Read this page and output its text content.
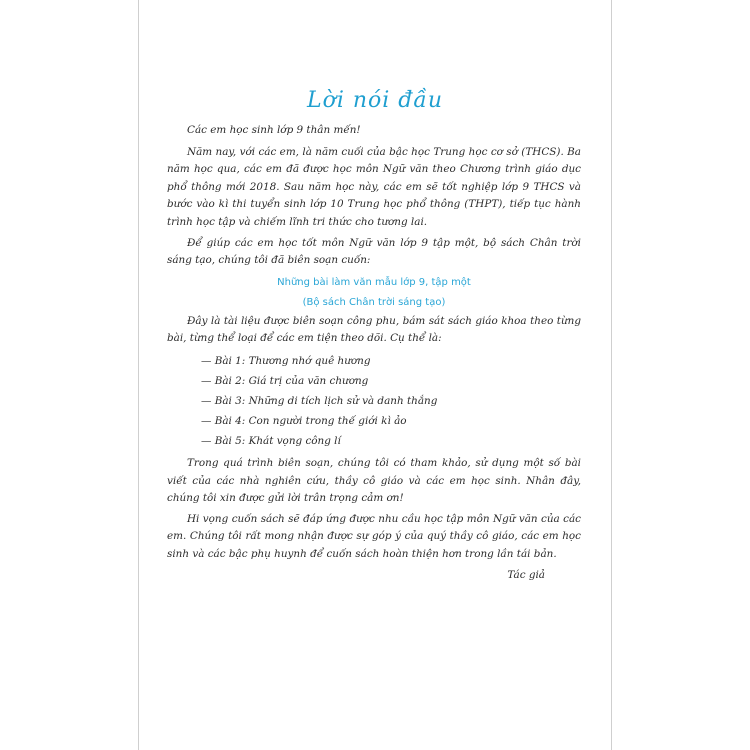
Lời nói đầu

Các em học sinh lớp 9 thân mến!

Năm nay, với các em, là năm cuối của bậc học Trung học cơ sở (THCS). Ba năm học qua, các em đã được học môn Ngữ văn theo Chương trình giáo dục phổ thông mới 2018. Sau năm học này, các em sẽ tốt nghiệp lớp 9 THCS và bước vào kì thi tuyển sinh lớp 10 Trung học phổ thông (THPT), tiếp tục hành trình học tập và chiếm lĩnh tri thức cho tương lai.

Để giúp các em học tốt môn Ngữ văn lớp 9 tập một, bộ sách Chân trời sáng tạo, chúng tôi đã biên soạn cuốn:

Những bài làm văn mẫu lớp 9, tập một

(Bộ sách Chân trời sáng tạo)

Đây là tài liệu được biên soạn công phu, bám sát sách giáo khoa theo từng bài, từng thể loại để các em tiện theo dõi. Cụ thể là:

— Bài 1: Thương nhớ quê hương
— Bài 2: Giá trị của văn chương
— Bài 3: Những di tích lịch sử và danh thắng
— Bài 4: Con người trong thế giới kì ảo
— Bài 5: Khát vọng công lí

Trong quá trình biên soạn, chúng tôi có tham khảo, sử dụng một số bài viết của các nhà nghiên cứu, thầy cô giáo và các em học sinh. Nhân đây, chúng tôi xin được gửi lời trân trọng cảm ơn!

Hi vọng cuốn sách sẽ đáp ứng được nhu cầu học tập môn Ngữ văn của các em. Chúng tôi rất mong nhận được sự góp ý của quý thầy cô giáo, các em học sinh và các bậc phụ huynh để cuốn sách hoàn thiện hơn trong lần tái bản.

Tác giả
